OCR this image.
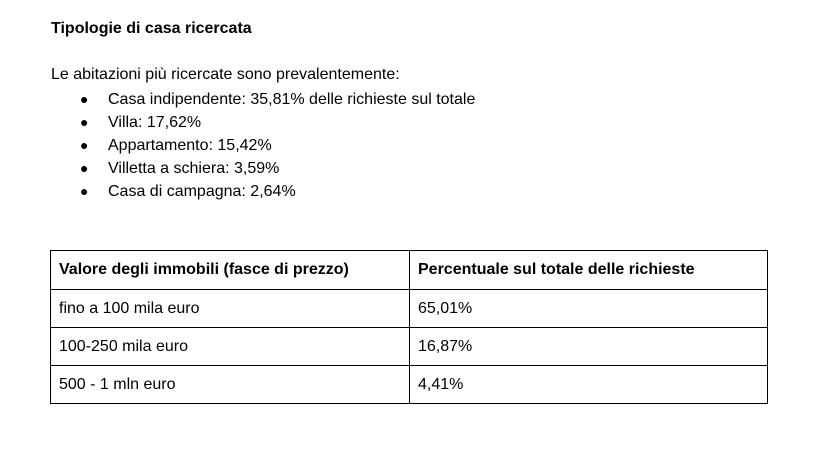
Tipologie di casa ricercata
Le abitazioni più ricercate sono prevalentemente:
● Casa indipendente: 35,81% delle richieste sul totale
● Villa: 17,62%
● Appartamento: 15,42%
● Villetta a schiera: 3,59%
● Casa di campagna: 2,64%
Valore degli immobili (fasce di prezzo)	Percentuale sul totale delle richieste
fino a 100 mila euro	65,01%
100-250 mila euro	16,87%
500 - 1 mln euro	4,41%
